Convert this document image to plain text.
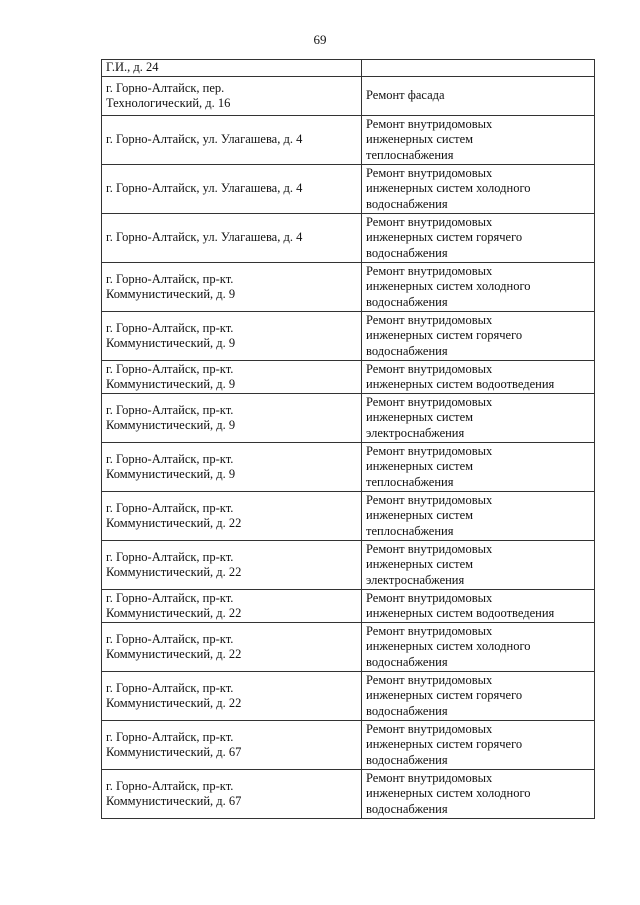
69
Г.И., д. 24	

г. Горно-Алтайск, пер.
Технологический, д. 16	Ремонт фасада

г. Горно-Алтайск, ул. Улагашева, д. 4	Ремонт внутридомовых
инженерных систем
теплоснабжения

г. Горно-Алтайск, ул. Улагашева, д. 4	Ремонт внутридомовых
инженерных систем холодного
водоснабжения

г. Горно-Алтайск, ул. Улагашева, д. 4	Ремонт внутридомовых
инженерных систем горячего
водоснабжения

г. Горно-Алтайск, пр-кт.
Коммунистический, д. 9	Ремонт внутридомовых
инженерных систем холодного
водоснабжения

г. Горно-Алтайск, пр-кт.
Коммунистический, д. 9	Ремонт внутридомовых
инженерных систем горячего
водоснабжения

г. Горно-Алтайск, пр-кт.
Коммунистический, д. 9	Ремонт внутридомовых
инженерных систем водоотведения

г. Горно-Алтайск, пр-кт.
Коммунистический, д. 9	Ремонт внутридомовых
инженерных систем
электроснабжения

г. Горно-Алтайск, пр-кт.
Коммунистический, д. 9	Ремонт внутридомовых
инженерных систем
теплоснабжения

г. Горно-Алтайск, пр-кт.
Коммунистический, д. 22	Ремонт внутридомовых
инженерных систем
теплоснабжения

г. Горно-Алтайск, пр-кт.
Коммунистический, д. 22	Ремонт внутридомовых
инженерных систем
электроснабжения

г. Горно-Алтайск, пр-кт.
Коммунистический, д. 22	Ремонт внутридомовых
инженерных систем водоотведения

г. Горно-Алтайск, пр-кт.
Коммунистический, д. 22	Ремонт внутридомовых
инженерных систем холодного
водоснабжения

г. Горно-Алтайск, пр-кт.
Коммунистический, д. 22	Ремонт внутридомовых
инженерных систем горячего
водоснабжения

г. Горно-Алтайск, пр-кт.
Коммунистический, д. 67	Ремонт внутридомовых
инженерных систем горячего
водоснабжения

г. Горно-Алтайск, пр-кт.
Коммунистический, д. 67	Ремонт внутридомовых
инженерных систем холодного
водоснабжения
